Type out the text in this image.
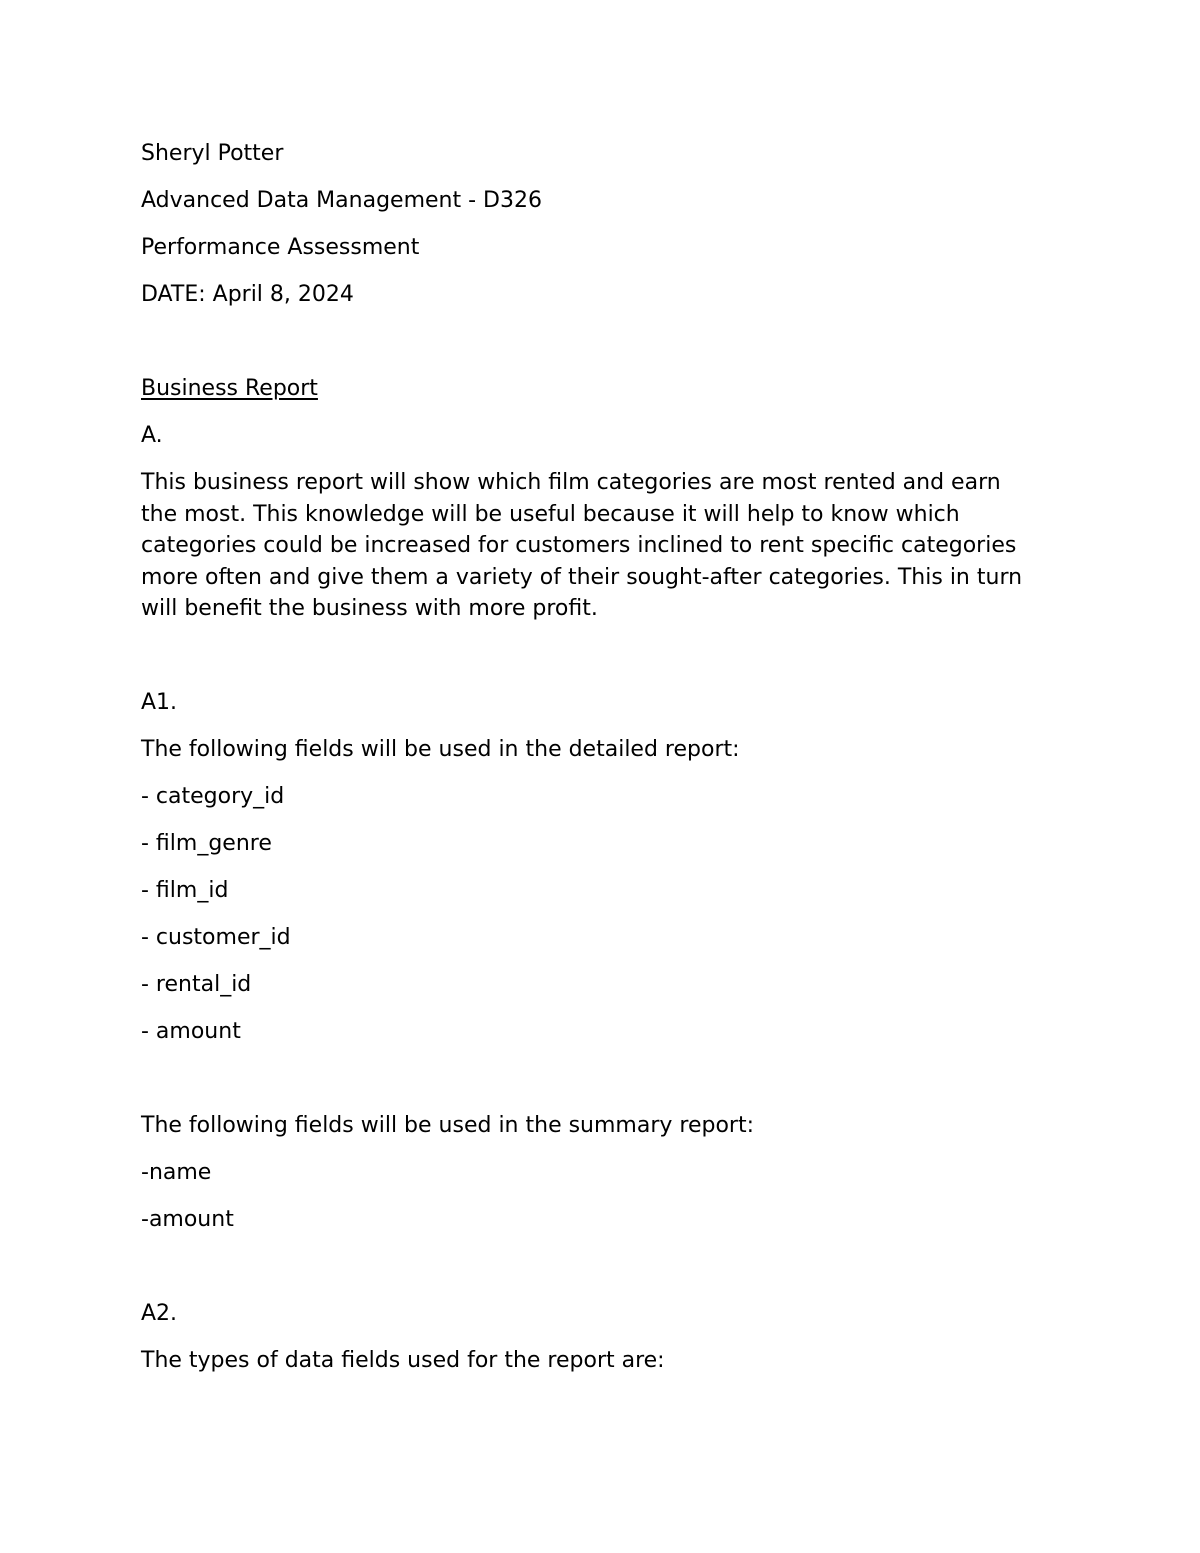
Sheryl Potter
Advanced Data Management - D326
Performance Assessment
DATE: April 8, 2024
Business Report
A.
This business report will show which film categories are most rented and earn the most. This knowledge will be useful because it will help to know which categories could be increased for customers inclined to rent specific categories more often and give them a variety of their sought-after categories. This in turn will benefit the business with more profit.
A1.
The following fields will be used in the detailed report:
- category_id
- film_genre
- film_id
- customer_id
- rental_id
- amount
The following fields will be used in the summary report:
-name
-amount
A2.
The types of data fields used for the report are:
